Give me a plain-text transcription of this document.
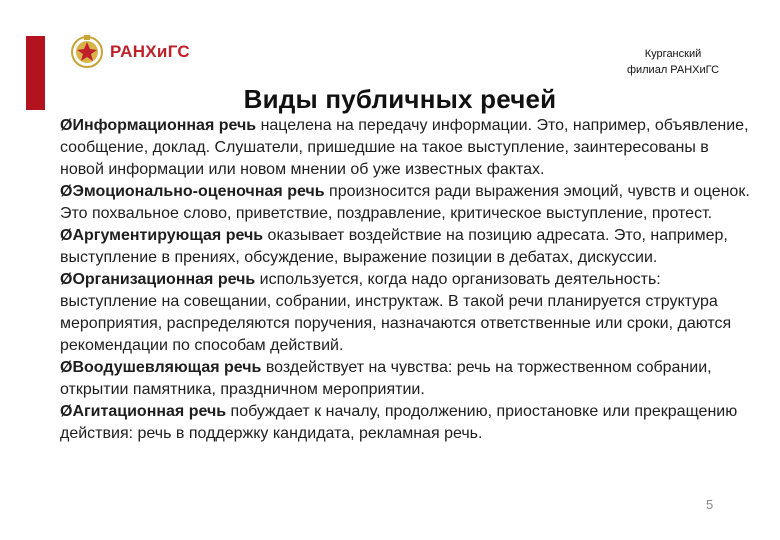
РАНХиГС	Курганский
филиал РАНХиГС
Виды публичных речей

ØИнформационная речь нацелена на передачу информации. Это, например, объявление, сообщение, доклад. Слушатели, пришедшие на такое выступление, заинтересованы в новой информации или новом мнении об уже известных фактах.

ØЭмоционально-оценочная речь произносится ради выражения эмоций, чувств и оценок. Это похвальное слово, приветствие, поздравление, критическое выступление, протест.

ØАргументирующая речь оказывает воздействие на позицию адресата. Это, например, выступление в прениях, обсуждение, выражение позиции в дебатах, дискуссии.

ØОрганизационная речь используется, когда надо организовать деятельность: выступление на совещании, собрании, инструктаж. В такой речи планируется структура мероприятия, распределяются поручения, назначаются ответственные или сроки, даются рекомендации по способам действий.

ØВоодушевляющая речь воздействует на чувства: речь на торжественном собрании, открытии памятника, праздничном мероприятии.

ØАгитационная речь побуждает к началу, продолжению, приостановке или прекращению действия: речь в поддержку кандидата, рекламная речь.

5
